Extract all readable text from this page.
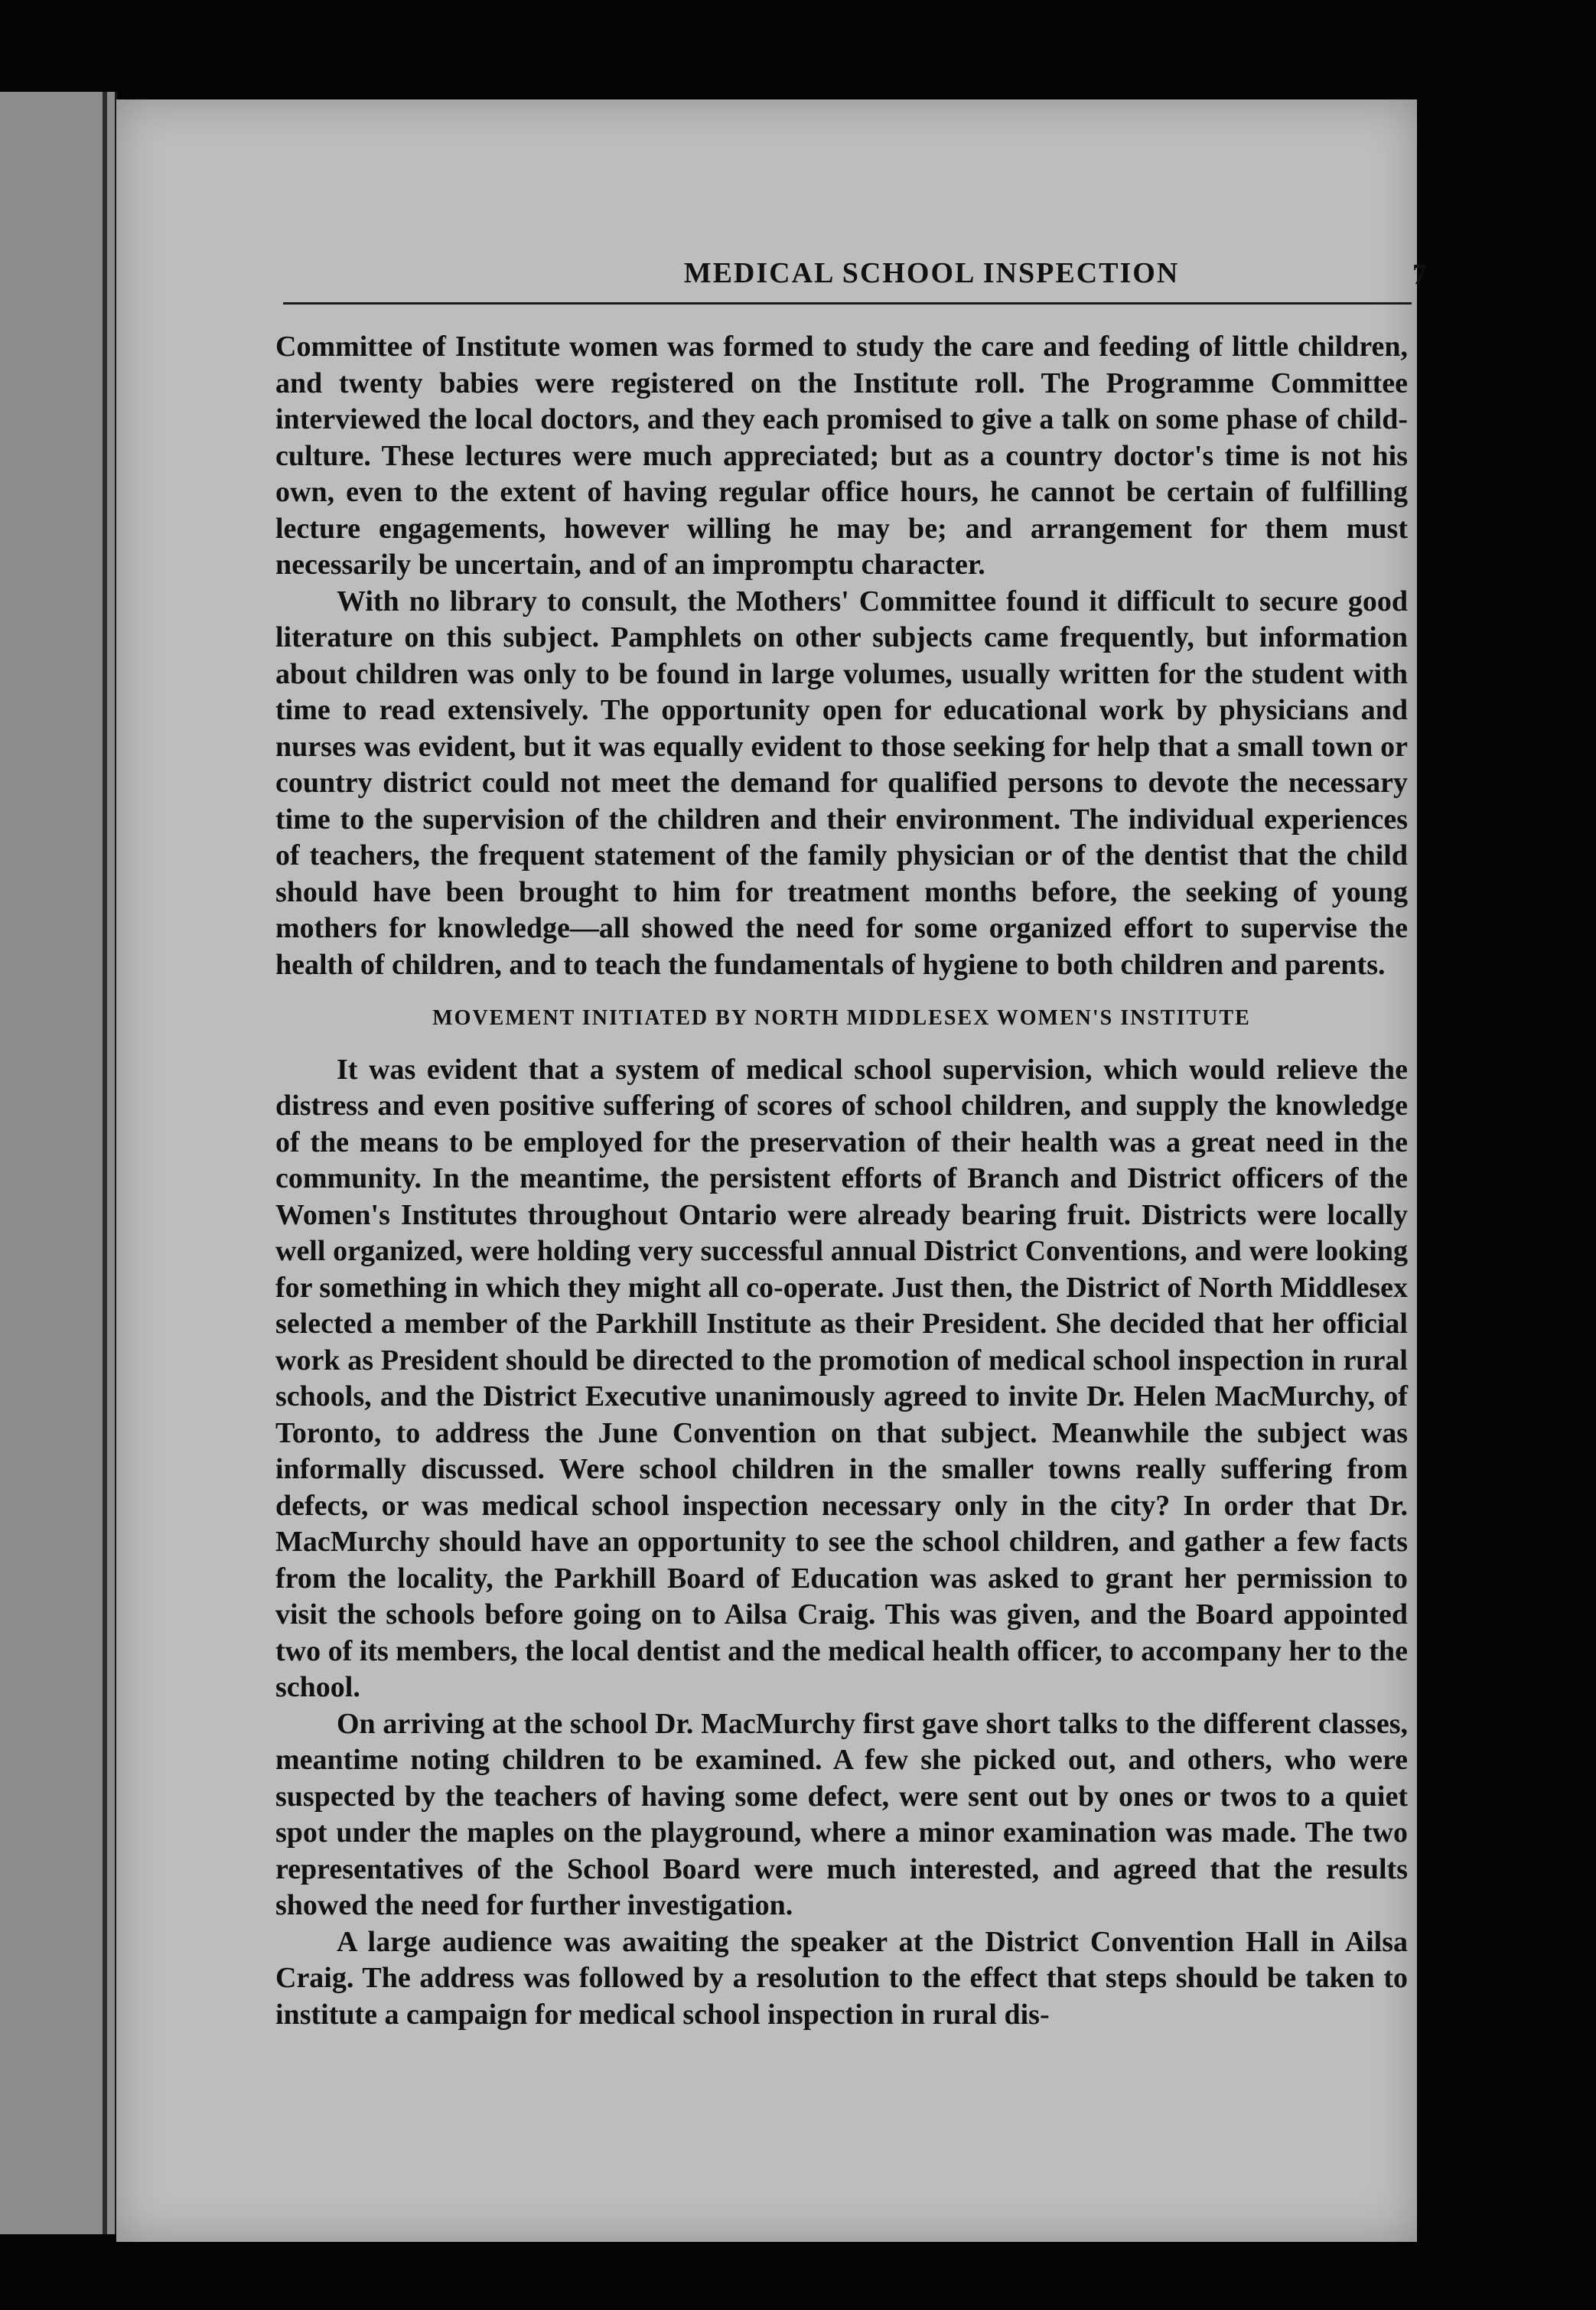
MEDICAL SCHOOL INSPECTION	7

Committee of Institute women was formed to study the care and feeding of little children, and twenty babies were registered on the Institute roll. The Programme Committee interviewed the local doctors, and they each promised to give a talk on some phase of child-culture. These lectures were much appreciated; but as a country doctor's time is not his own, even to the extent of having regular office hours, he cannot be certain of fulfilling lecture engagements, however willing he may be; and arrangement for them must necessarily be uncertain, and of an impromptu character.

With no library to consult, the Mothers' Committee found it difficult to secure good literature on this subject. Pamphlets on other subjects came frequently, but information about children was only to be found in large volumes, usually written for the student with time to read extensively. The opportunity open for educational work by physicians and nurses was evident, but it was equally evident to those seeking for help that a small town or country district could not meet the demand for qualified persons to devote the necessary time to the supervision of the children and their environment. The individual experiences of teachers, the frequent statement of the family physician or of the dentist that the child should have been brought to him for treatment months before, the seeking of young mothers for knowledge—all showed the need for some organized effort to supervise the health of children, and to teach the fundamentals of hygiene to both children and parents.

MOVEMENT INITIATED BY NORTH MIDDLESEX WOMEN'S INSTITUTE

It was evident that a system of medical school supervision, which would relieve the distress and even positive suffering of scores of school children, and supply the knowledge of the means to be employed for the preservation of their health was a great need in the community. In the meantime, the persistent efforts of Branch and District officers of the Women's Institutes throughout Ontario were already bearing fruit. Districts were locally well organized, were holding very successful annual District Conventions, and were looking for something in which they might all co-operate. Just then, the District of North Middlesex selected a member of the Parkhill Institute as their President. She decided that her official work as President should be directed to the promotion of medical school inspection in rural schools, and the District Executive unanimously agreed to invite Dr. Helen MacMurchy, of Toronto, to address the June Convention on that subject. Meanwhile the subject was informally discussed. Were school children in the smaller towns really suffering from defects, or was medical school inspection necessary only in the city? In order that Dr. MacMurchy should have an opportunity to see the school children, and gather a few facts from the locality, the Parkhill Board of Education was asked to grant her permission to visit the schools before going on to Ailsa Craig. This was given, and the Board appointed two of its members, the local dentist and the medical health officer, to accompany her to the school.

On arriving at the school Dr. MacMurchy first gave short talks to the different classes, meantime noting children to be examined. A few she picked out, and others, who were suspected by the teachers of having some defect, were sent out by ones or twos to a quiet spot under the maples on the playground, where a minor examination was made. The two representatives of the School Board were much interested, and agreed that the results showed the need for further investigation.

A large audience was awaiting the speaker at the District Convention Hall in Ailsa Craig. The address was followed by a resolution to the effect that steps should be taken to institute a campaign for medical school inspection in rural dis-
